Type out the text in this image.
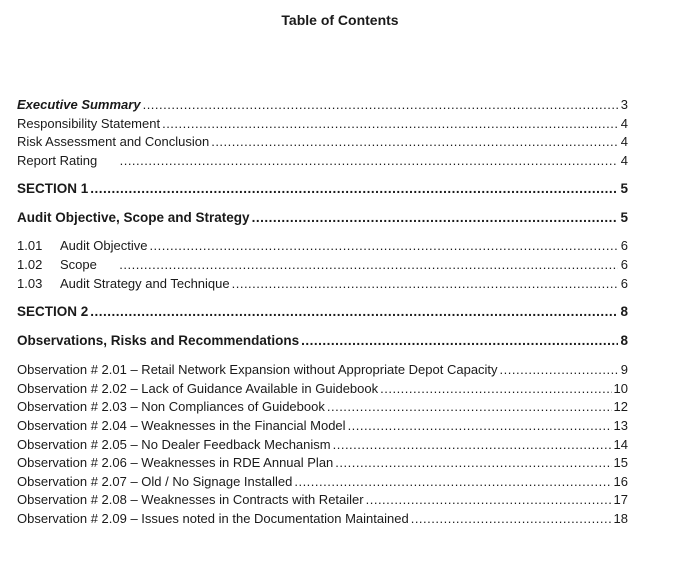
Table of Contents
Executive Summary .....	3
Responsibility Statement .....	4
Risk Assessment and Conclusion .....	4
Report Rating .....	4
SECTION 1 .....	5
Audit Objective, Scope and Strategy .....	5
1.01 Audit Objective .....	6
1.02 Scope .....	6
1.03 Audit Strategy and Technique .....	6
SECTION 2 .....	8
Observations, Risks and Recommendations .....	8
Observation # 2.01 – Retail Network Expansion without Appropriate Depot Capacity .....	9
Observation # 2.02 – Lack of Guidance Available in Guidebook .....	10
Observation # 2.03 – Non Compliances of Guidebook .....	12
Observation # 2.04 – Weaknesses in the Financial Model .....	13
Observation # 2.05 – No Dealer Feedback Mechanism .....	14
Observation # 2.06 – Weaknesses in RDE Annual Plan .....	15
Observation # 2.07 – Old / No Signage Installed .....	16
Observation # 2.08 – Weaknesses in Contracts with Retailer .....	17
Observation # 2.09 – Issues noted in the Documentation Maintained .....	18
